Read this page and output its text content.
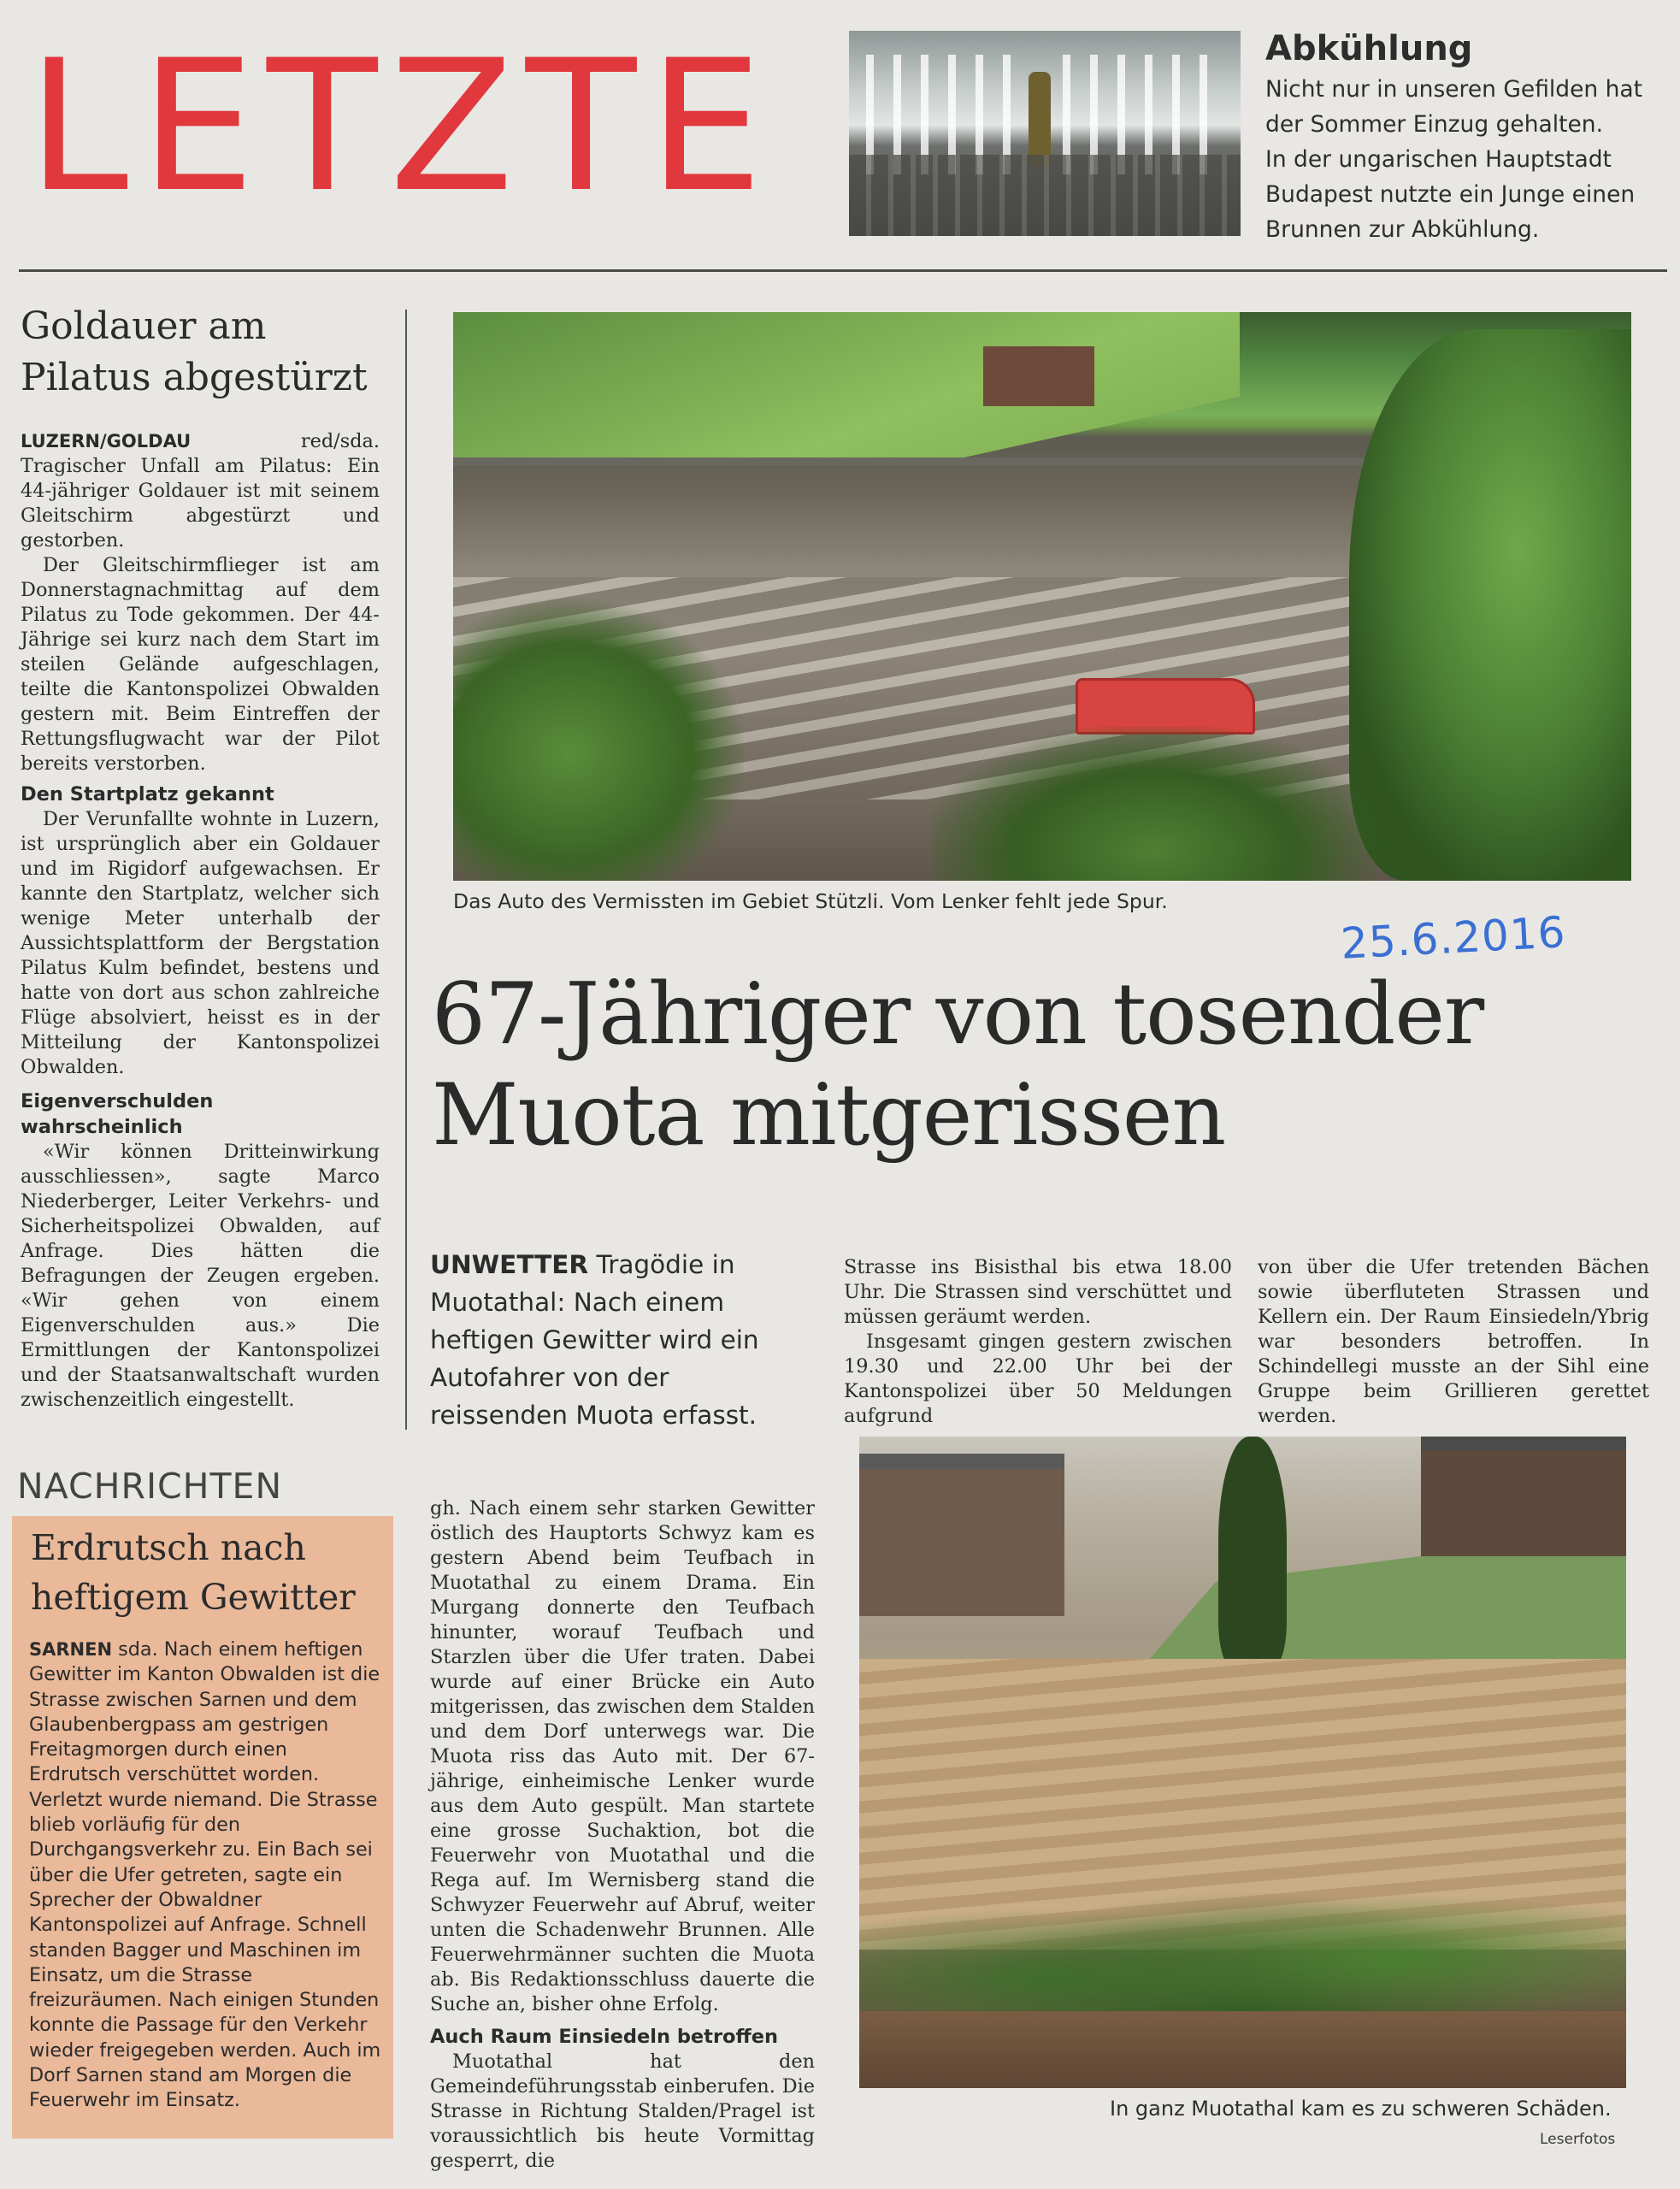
LETZTE	Abkühlung
Nicht nur in unseren Gefilden hat
der Sommer Einzug gehalten.
In der ungarischen Hauptstadt
Budapest nutzte ein Junge einen
Brunnen zur Abkühlung.
Goldauer am Pilatus abgestürzt

LUZERN/GOLDAU	red/sda. Tragischer Unfall am Pilatus: Ein 44-jähriger Goldauer ist mit seinem Gleitschirm abgestürzt und gestorben.

Der Gleitschirmflieger ist am Donnerstagnachmittag auf dem Pilatus zu Tode gekommen. Der 44-Jährige sei kurz nach dem Start im steilen Gelände aufgeschlagen, teilte die Kantonspolizei Obwalden gestern mit. Beim Eintreffen der Rettungsflugwacht war der Pilot bereits verstorben.

Den Startplatz gekannt

Der Verunfallte wohnte in Luzern, ist ursprünglich aber ein Goldauer und im Rigidorf aufgewachsen. Er kannte den Startplatz, welcher sich wenige Meter unterhalb der Aussichtsplattform der Bergstation Pilatus Kulm befindet, bestens und hatte von dort aus schon zahlreiche Flüge absolviert, heisst es in der Mitteilung der Kantonspolizei Obwalden.

Eigenverschulden wahrscheinlich

«Wir können Dritteinwirkung ausschliessen», sagte Marco Niederberger, Leiter Verkehrs- und Sicherheitspolizei Obwalden, auf Anfrage. Dies hätten die Befragungen der Zeugen ergeben. «Wir gehen von einem Eigenverschulden aus.» Die Ermittlungen der Kantonspolizei und der Staatsanwaltschaft wurden zwischenzeitlich eingestellt.

NACHRICHTEN
Erdrutsch nach heftigem Gewitter
SARNEN sda. Nach einem heftigen Gewitter im Kanton Obwalden ist die Strasse zwischen Sarnen und dem Glaubenbergpass am gestrigen Freitagmorgen durch einen Erdrutsch verschüttet worden. Verletzt wurde niemand. Die Strasse blieb vorläufig für den Durchgangsverkehr zu. Ein Bach sei über die Ufer getreten, sagte ein Sprecher der Obwaldner Kantonspolizei auf Anfrage. Schnell standen Bagger und Maschinen im Einsatz, um die Strasse freizuräumen. Nach einigen Stunden konnte die Passage für den Verkehr wieder freigegeben werden. Auch im Dorf Sarnen stand am Morgen die Feuerwehr im Einsatz.
Das Auto des Vermissten im Gebiet Stützli. Vom Lenker fehlt jede Spur.
25.6.2016
67-Jähriger von tosender
Muota mitgerissen
UNWETTER Tragödie in Muotathal: Nach einem heftigen Gewitter wird ein Autofahrer von der reissenden Muota erfasst.

Strasse ins Bisisthal bis etwa 18.00 Uhr. Die Strassen sind verschüttet und müssen geräumt werden.

Insgesamt gingen gestern zwischen 19.30 und 22.00 Uhr bei der Kantonspolizei über 50 Meldungen aufgrund

von über die Ufer tretenden Bächen sowie überfluteten Strassen und Kellern ein. Der Raum Einsiedeln/Ybrig war besonders betroffen. In Schindellegi musste an der Sihl eine Gruppe beim Grillieren gerettet werden.

gh. Nach einem sehr starken Gewitter östlich des Hauptorts Schwyz kam es gestern Abend beim Teufbach in Muotathal zu einem Drama. Ein Murgang donnerte den Teufbach hinunter, worauf Teufbach und Starzlen über die Ufer traten. Dabei wurde auf einer Brücke ein Auto mitgerissen, das zwischen dem Stalden und dem Dorf unterwegs war. Die Muota riss das Auto mit. Der 67-jährige, einheimische Lenker wurde aus dem Auto gespült. Man startete eine grosse Suchaktion, bot die Feuerwehr von Muotathal und die Rega auf. Im Wernisberg stand die Schwyzer Feuerwehr auf Abruf, weiter unten die Schadenwehr Brunnen. Alle Feuerwehrmänner suchten die Muota ab. Bis Redaktionsschluss dauerte die Suche an, bisher ohne Erfolg.

Auch Raum Einsiedeln betroffen

Muotathal hat den Gemeindeführungsstab einberufen. Die Strasse in Richtung Stalden/Pragel ist voraussichtlich bis heute Vormittag gesperrt, die

In ganz Muotathal kam es zu schweren Schäden.
Leserfotos
